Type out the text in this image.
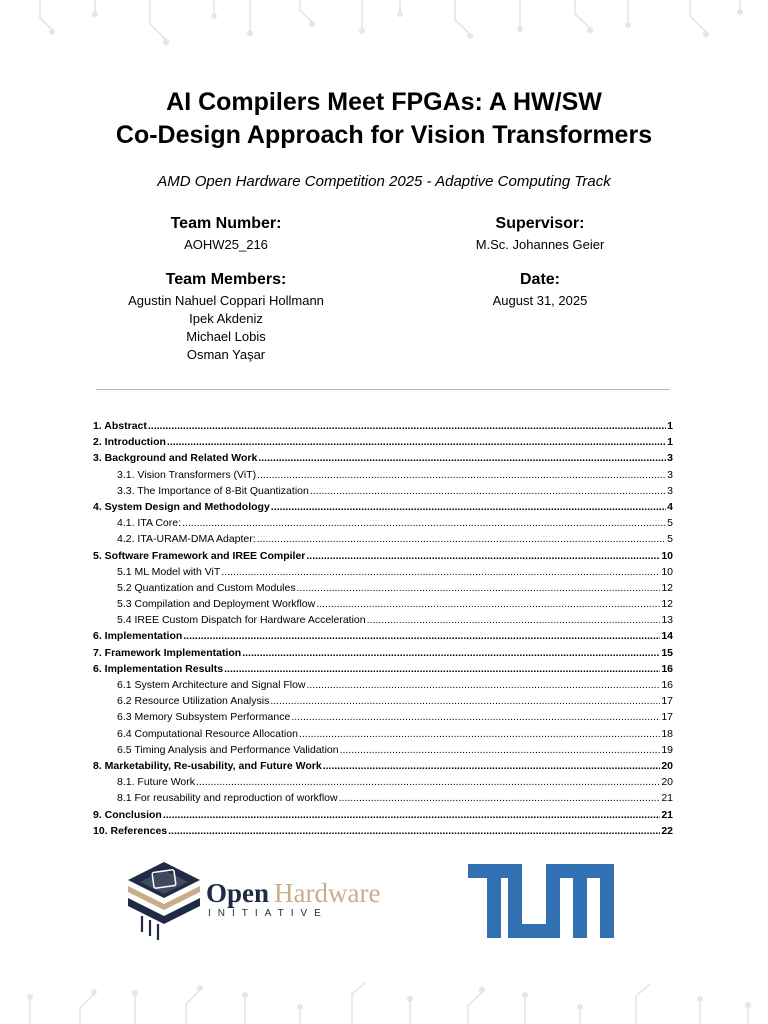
AI Compilers Meet FPGAs: A HW/SW
Co-Design Approach for Vision Transformers
AMD Open Hardware Competition 2025 - Adaptive Computing Track
Team Number:
AOHW25_216
Supervisor:
M.Sc. Johannes Geier
Team Members:
Agustin Nahuel Coppari Hollmann
Ipek Akdeniz
Michael Lobis
Osman Yaşar
Date:
August 31, 2025
1. Abstract .....	1
2. Introduction .....	1
3. Background and Related Work .....	3
3.1. Vision Transformers (ViT) .....	3
3.3. The Importance of 8-Bit Quantization .....	3
4. System Design and Methodology .....	4
4.1. ITA Core: .....	5
4.2. ITA-URAM-DMA Adapter: .....	5
5. Software Framework and IREE Compiler .....	10
5.1 ML Model with ViT .....	10
5.2 Quantization and Custom Modules .....	12
5.3 Compilation and Deployment Workflow .....	12
5.4 IREE Custom Dispatch for Hardware Acceleration .....	13
6. Implementation .....	14
7. Framework Implementation .....	15
6. Implementation Results .....	16
6.1 System Architecture and Signal Flow .....	16
6.2 Resource Utilization Analysis .....	17
6.3 Memory Subsystem Performance .....	17
6.4 Computational Resource Allocation .....	18
6.5 Timing Analysis and Performance Validation .....	19
8. Marketability, Re-usability, and Future Work .....	20
8.1. Future Work .....	20
8.1 For reusability and reproduction of workflow .....	21
9. Conclusion .....	21
10. References .....	22
Open Hardware
INITIATIVE
